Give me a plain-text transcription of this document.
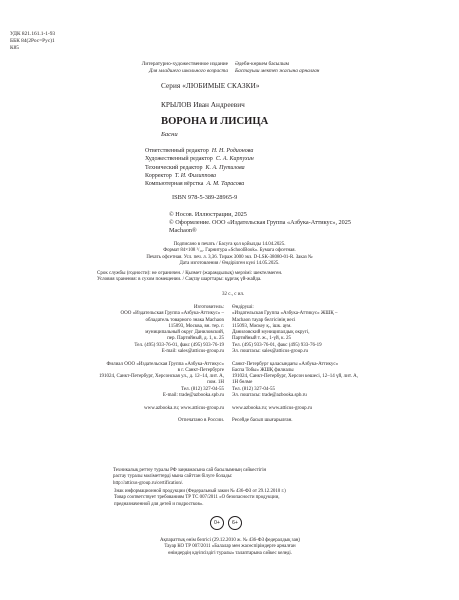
УДК 821.161.1-1-93
ББК 84(2Рос=Рус)1
К85
Литературно-художественное издание
Для младшего школьного возраста
Әдеби-көркем басылым
Бастауыш мектеп жасына арналған
Серия «ЛЮБИМЫЕ СКАЗКИ»
КРЫЛОВ Иван Андреевич
ВОРОНА И ЛИСИЦА
Басни
Ответственный редактор Н. Н. Родионова
Художественный редактор С. А. Карпухин
Технический редактор К. А. Путилова
Корректор Т. И. Филиппова
Компьютерная вёрстка А. М. Тарасова
ISBN 978-5-389-28965-9
© Носов. Иллюстрации, 2025
© Оформление. ООО «Издательская Группа «Азбука-Аттикус», 2025
Machaon®
Подписано в печать / Басуға қол қойылды 14.04.2025.
Формат 84×108 ¹/₁₆. Гарнитура «SchoolBook». Бумага офсетная.
Печать офсетная. Усл. печ. л. 3,36. Тираж 3000 экз. D-LSK-38080-01-R. Заказ №
Дата изготовления / Өндірілген күні 14.05.2025.
Срок службы (годности): не ограничен. / Қызмет (жарамдылық) мерзімі: шектелмеген.
Условия хранения: в сухом помещении. / Сақтау шарттары: құрғақ үй-жайда.
32 с., с ил.
Изготовитель:
ООО «Издательская Группа «Азбука-Аттикус» –
обладатель товарного знака Machaon
115093, Москва, вн. тер. г.
муниципальный округ Даниловский,
пер. Партийный, д. 1, к. 25
Тел. (495) 933-76-01, факс (495) 933-76-19
E-mail: sales@atticus-group.ru
Филиал ООО «Издательская Группа «Азбука-Аттикус»
в г. Санкт-Петербурге
191024, Санкт-Петербург, Херсонская ул., д. 12–14, лит. А,
пом. 1Н
Тел. (812) 327-04-55
E-mail: trade@azbooka.spb.ru
www.azbooka.ru; www.atticus-group.ru
Отпечатано в России.
Өндіруші:
«Издательская Группа «Азбука-Аттикус» ЖШҚ –
Machaon тауар белгісінің иесі
115093, Мәскеу қ., ішк. аум.
Даниловский муниципалдық округі,
Партийный т. ж., 1-үй, к. 25
Тел. (495) 933-76-01, факс (495) 933-76-19
Эл. поштасы: sales@atticus-group.ru
Санкт-Петербург қаласындағы «Азбука-Аттикус»
Баспа Тобы» ЖШҚ филиалы
191024, Санкт-Петербург, Херсон көшесі, 12–14 үй, лит. А,
1Н бөлме
Тел. (812) 327-04-55
Эл. поштасы: trade@azbooka.spb.ru
www.azbooka.ru; www.atticus-group.ru
Ресейде басып шығарылған.
Техникалық реттеу туралы РФ заңнамасына сай басылымның сәйкестігін
растау туралы мәліметтерді мына сайттан білуге болады:
http://atticus-group.ru/certification/.
Знак информационной продукции (Федеральный закон № 436-ФЗ от 29.12.2010 г.)
Товар соответствует требованиям ТР ТС 007/2011 «О безопасности продукции,
предназначенной для детей и подростков».
0+	6+
Ақпараттық өнім белгісі (29.12.2010 ж. № 436-ФЗ федералдық заң)
Тауар КО ТР 007/2011 «Балалар мен жасөспірімдерге арналған
өнімдердің қауіпсіздігі туралы» талаптарына сәйкес келеді.
